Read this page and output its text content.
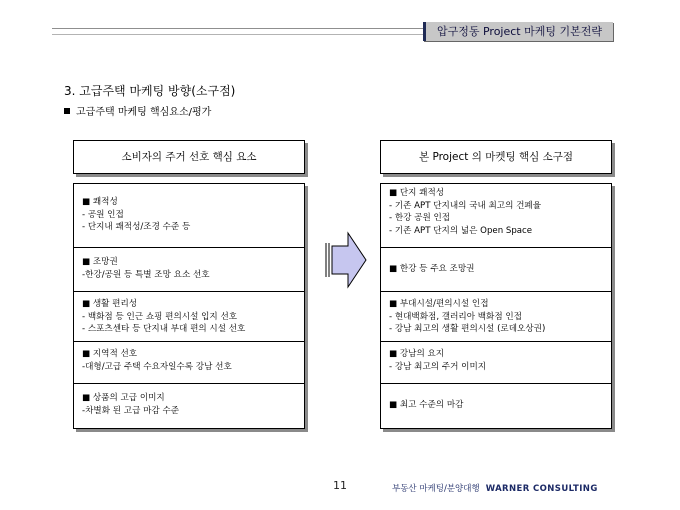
압구정동 Project 마케팅 기본전략
3. 고급주택 마케팅 방향(소구점)
고급주택 마케팅 핵심요소/평가
소비자의 주거 선호 핵심 요소
■ 쾌적성
- 공원 인접
- 단지내 쾌적성/조경 수준 등
■ 조망권
-한강/공원 등 특별 조망 요소 선호
■ 생활 편리성
- 백화점 등 인근 쇼핑 편의시설 입지 선호
- 스포츠센타 등 단지내 부대 편의 시설 선호
■ 지역적 선호
-대형/고급 주택 수요자일수록 강남 선호
■ 상품의 고급 이미지
-차별화 된 고급 마감 수준
본 Project 의 마켓팅 핵심 소구점
■ 단지 쾌적성
- 기존 APT 단지내의 국내 최고의 건폐율
- 한강 공원 인접
- 기존 APT 단지의 넓은 Open Space
■ 한강 등 주요 조망권
■ 부대시설/편의시설 인접
- 현대백화점, 갤러리아 백화점 인접
- 강남 최고의 생활 편의시설 (로데오상권)
■ 강남의 요지
- 강남 최고의 주거 이미지
■ 최고 수준의 마감
11	부동산 마케팅/분양대행 WARNER CONSULTING
